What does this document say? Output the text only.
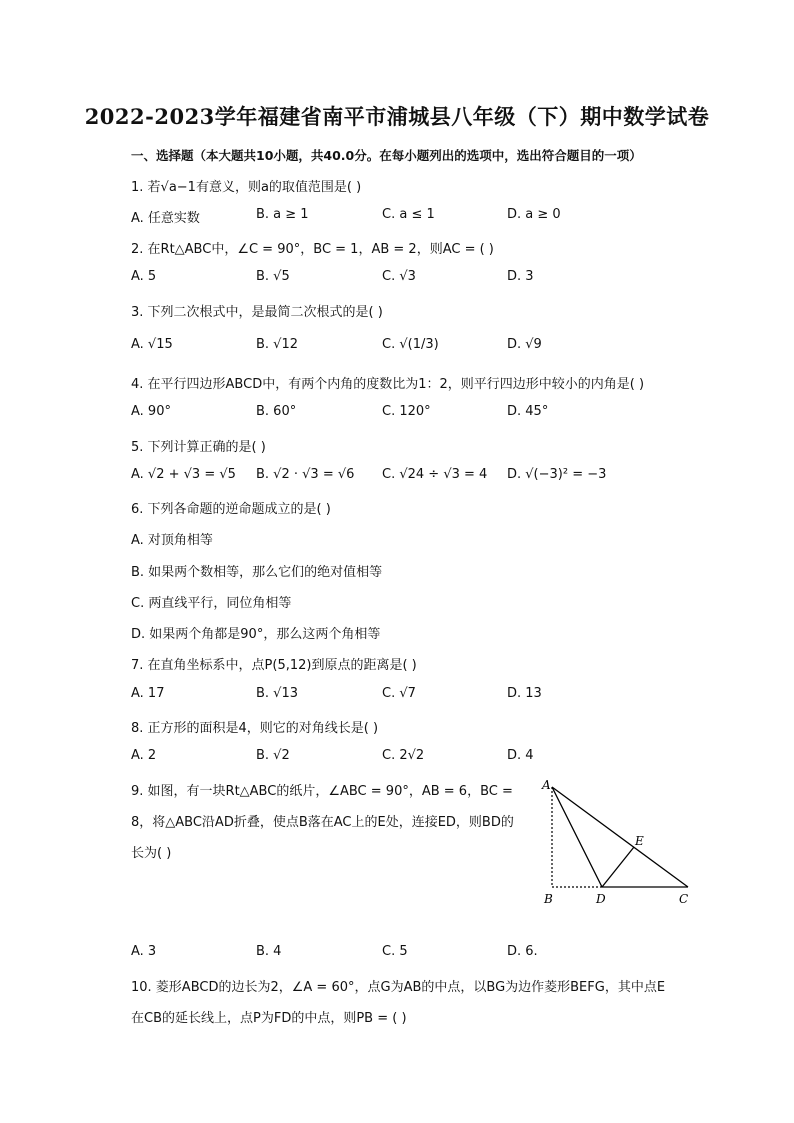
2022-2023学年福建省南平市浦城县八年级（下）期中数学试卷
一、选择题（本大题共10小题，共40.0分。在每小题列出的选项中，选出符合题目的一项）
1. 若√a−1有意义，则a的取值范围是( )
A. 任意实数	B. a ≥ 1	C. a ≤ 1	D. a ≥ 0
2. 在Rt△ABC中，∠C = 90°，BC = 1，AB = 2，则AC = ( )
A. 5	B. √5	C. √3	D. 3
3. 下列二次根式中，是最简二次根式的是( )
A. √15	B. √12	C. √(1/3)	D. √9
4. 在平行四边形ABCD中，有两个内角的度数比为1：2，则平行四边形中较小的内角是( )
A. 90°	B. 60°	C. 120°	D. 45°
5. 下列计算正确的是( )
A. √2 + √3 = √5 B. √2 · √3 = √6 C. √24 ÷ √3 = 4 D. √(−3)² = −3
6. 下列各命题的逆命题成立的是( )
A. 对顶角相等
B. 如果两个数相等，那么它们的绝对值相等
C. 两直线平行，同位角相等
D. 如果两个角都是90°，那么这两个角相等
7. 在直角坐标系中，点P(5,12)到原点的距离是( )
A. 17	B. √13	C. √7	D. 13
8. 正方形的面积是4，则它的对角线长是( )
A. 2	B. √2	C. 2√2	D. 4
9. 如图，有一块Rt△ABC的纸片，∠ABC = 90°，AB = 6，BC =
8，将△ABC沿AD折叠，使点B落在AC上的E处，连接ED，则BD的
长为( )
A
B	D	C
E
A. 3	B. 4	C. 5	D. 6.
10. 菱形ABCD的边长为2，∠A = 60°，点G为AB的中点，以BG为边作菱形BEFG，其中点E
在CB的延长线上，点P为FD的中点，则PB = ( )
